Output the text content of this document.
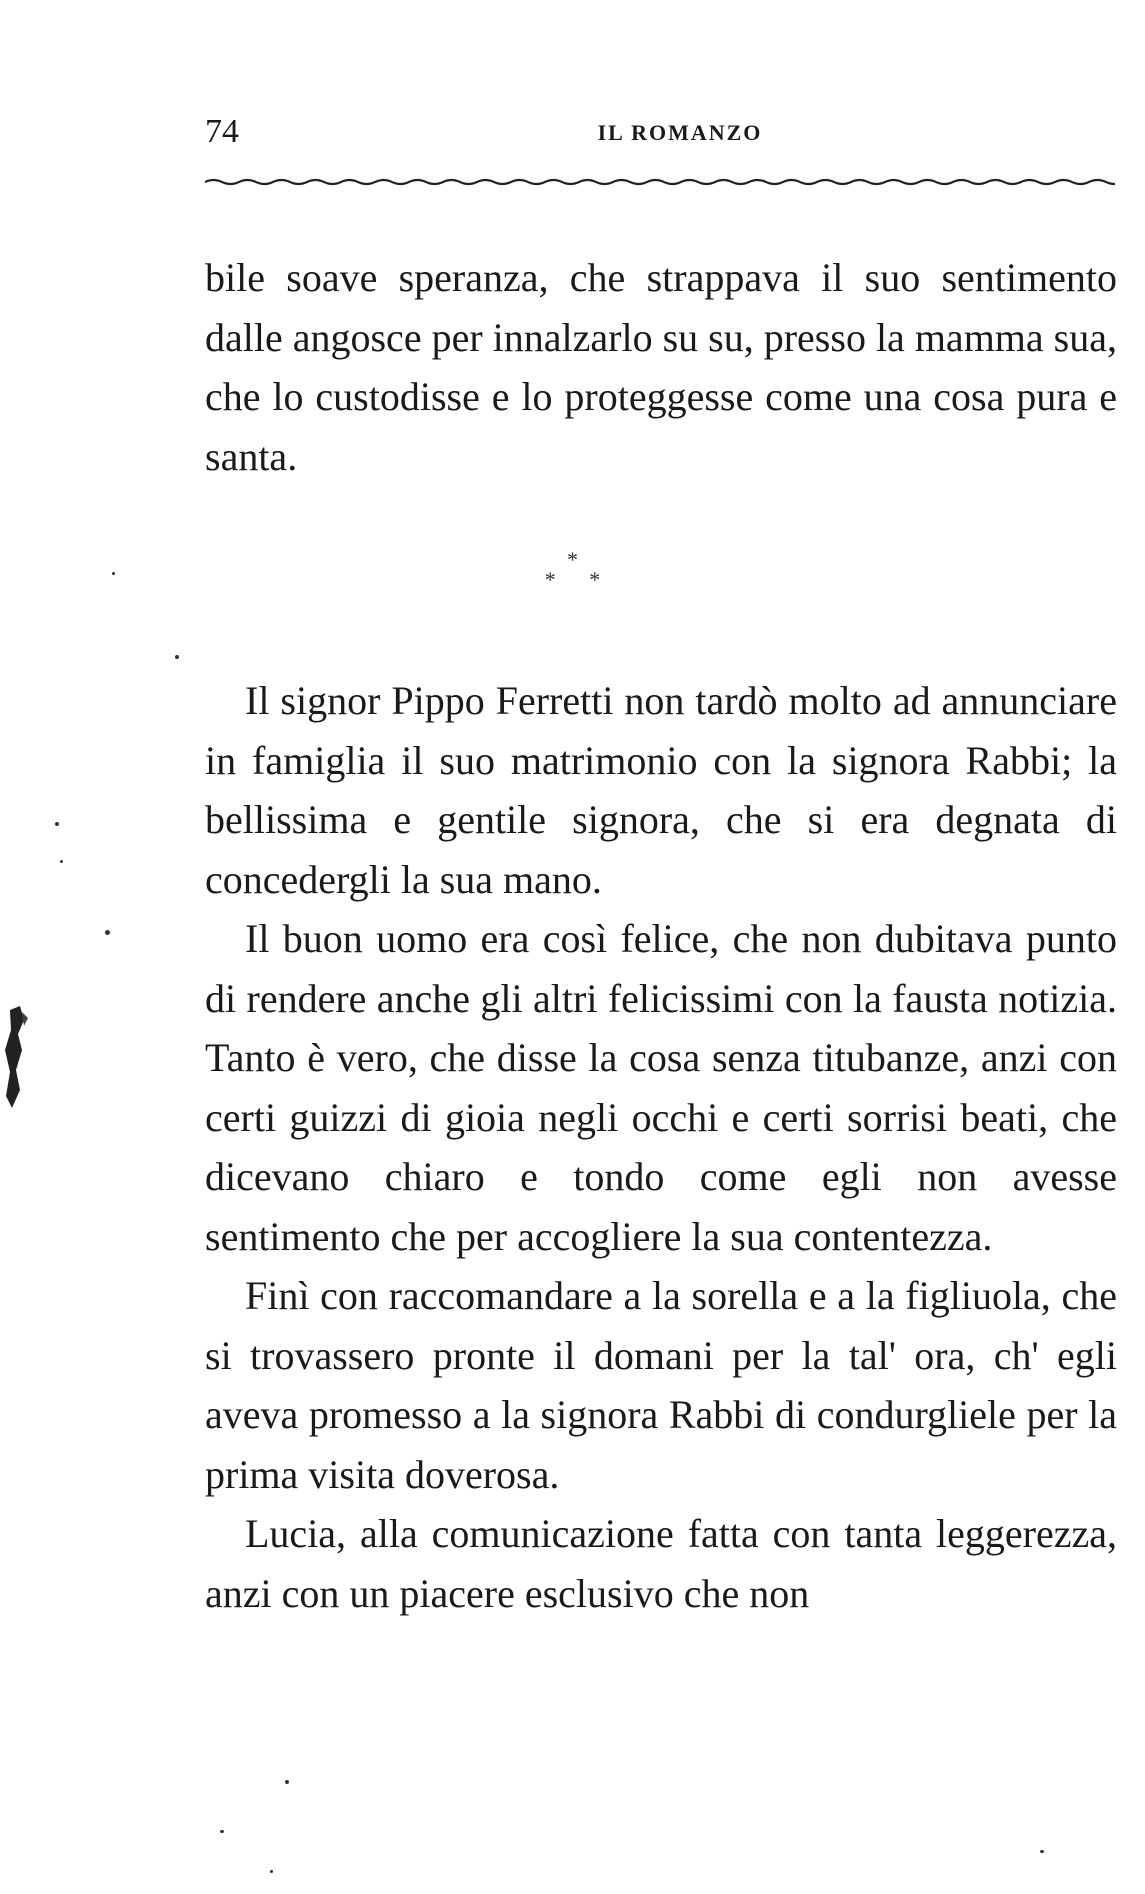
74	IL ROMANZO

bile soave speranza, che strappava il suo sentimento dalle angosce per innalzarlo su su, presso la mamma sua, che lo custodisse e lo proteggesse come una cosa pura e santa.

*
* *

Il signor Pippo Ferretti non tardò molto ad annunciare in famiglia il suo matrimonio con la signora Rabbi; la bellissima e gentile signora, che si era degnata di concedergli la sua mano.

Il buon uomo era così felice, che non dubitava punto di rendere anche gli altri felicissimi con la fausta notizia. Tanto è vero, che disse la cosa senza titubanze, anzi con certi guizzi di gioia negli occhi e certi sorrisi beati, che dicevano chiaro e tondo come egli non avesse sentimento che per accogliere la sua contentezza.

Finì con raccomandare a la sorella e a la figliuola, che si trovassero pronte il domani per la tal' ora, ch' egli aveva promesso a la signora Rabbi di condurgliele per la prima visita doverosa.

Lucia, alla comunicazione fatta con tanta leggerezza, anzi con un piacere esclusivo che non
